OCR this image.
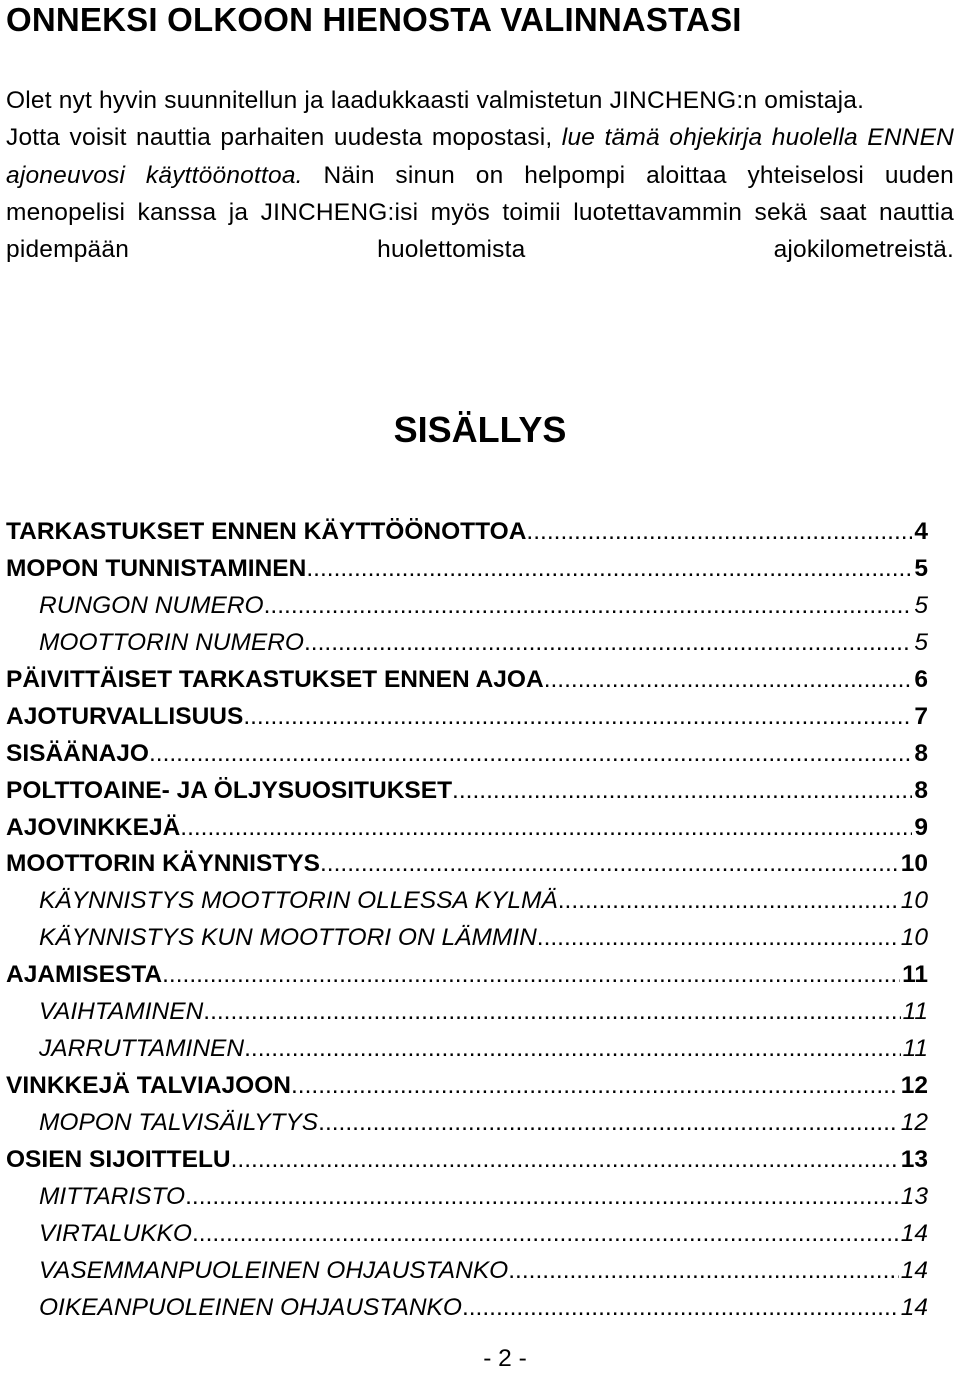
ONNEKSI OLKOON HIENOSTA VALINNASTASI

Olet nyt hyvin suunnitellun ja laadukkaasti valmistetun JINCHENG:n omistaja.

Jotta voisit nauttia parhaiten uudesta mopostasi, lue tämä ohjekirja huolella ENNEN ajoneuvosi käyttöönottoa. Näin sinun on helpompi aloittaa yhteiselosi uuden menopelisi kanssa ja JINCHENG:isi myös toimii luotettavammin sekä saat nauttia pidempään huolettomista ajokilometreistä.

SISÄLLYS
TARKASTUKSET ENNEN KÄYTTÖÖNOTTOA .....	4
MOPON TUNNISTAMINEN .....	5
RUNGON NUMERO .....	5
MOOTTORIN NUMERO .....	5
PÄIVITTÄISET TARKASTUKSET ENNEN AJOA .....	6
AJOTURVALLISUUS .....	7
SISÄÄNAJO .....	8
POLTTOAINE- JA ÖLJYSUOSITUKSET .....	8
AJOVINKKEJÄ .....	9
MOOTTORIN KÄYNNISTYS .....	10
KÄYNNISTYS MOOTTORIN OLLESSA KYLMÄ .....	10
KÄYNNISTYS KUN MOOTTORI ON LÄMMIN .....	10
AJAMISESTA .....	11
VAIHTAMINEN .....	11
JARRUTTAMINEN .....	11
VINKKEJÄ TALVIAJOON .....	12
MOPON TALVISÄILYTYS .....	12
OSIEN SIJOITTELU .....	13
MITTARISTO .....	13
VIRTALUKKO .....	14
VASEMMANPUOLEINEN OHJAUSTANKO .....	14
OIKEANPUOLEINEN OHJAUSTANKO .....	14
- 2 -
